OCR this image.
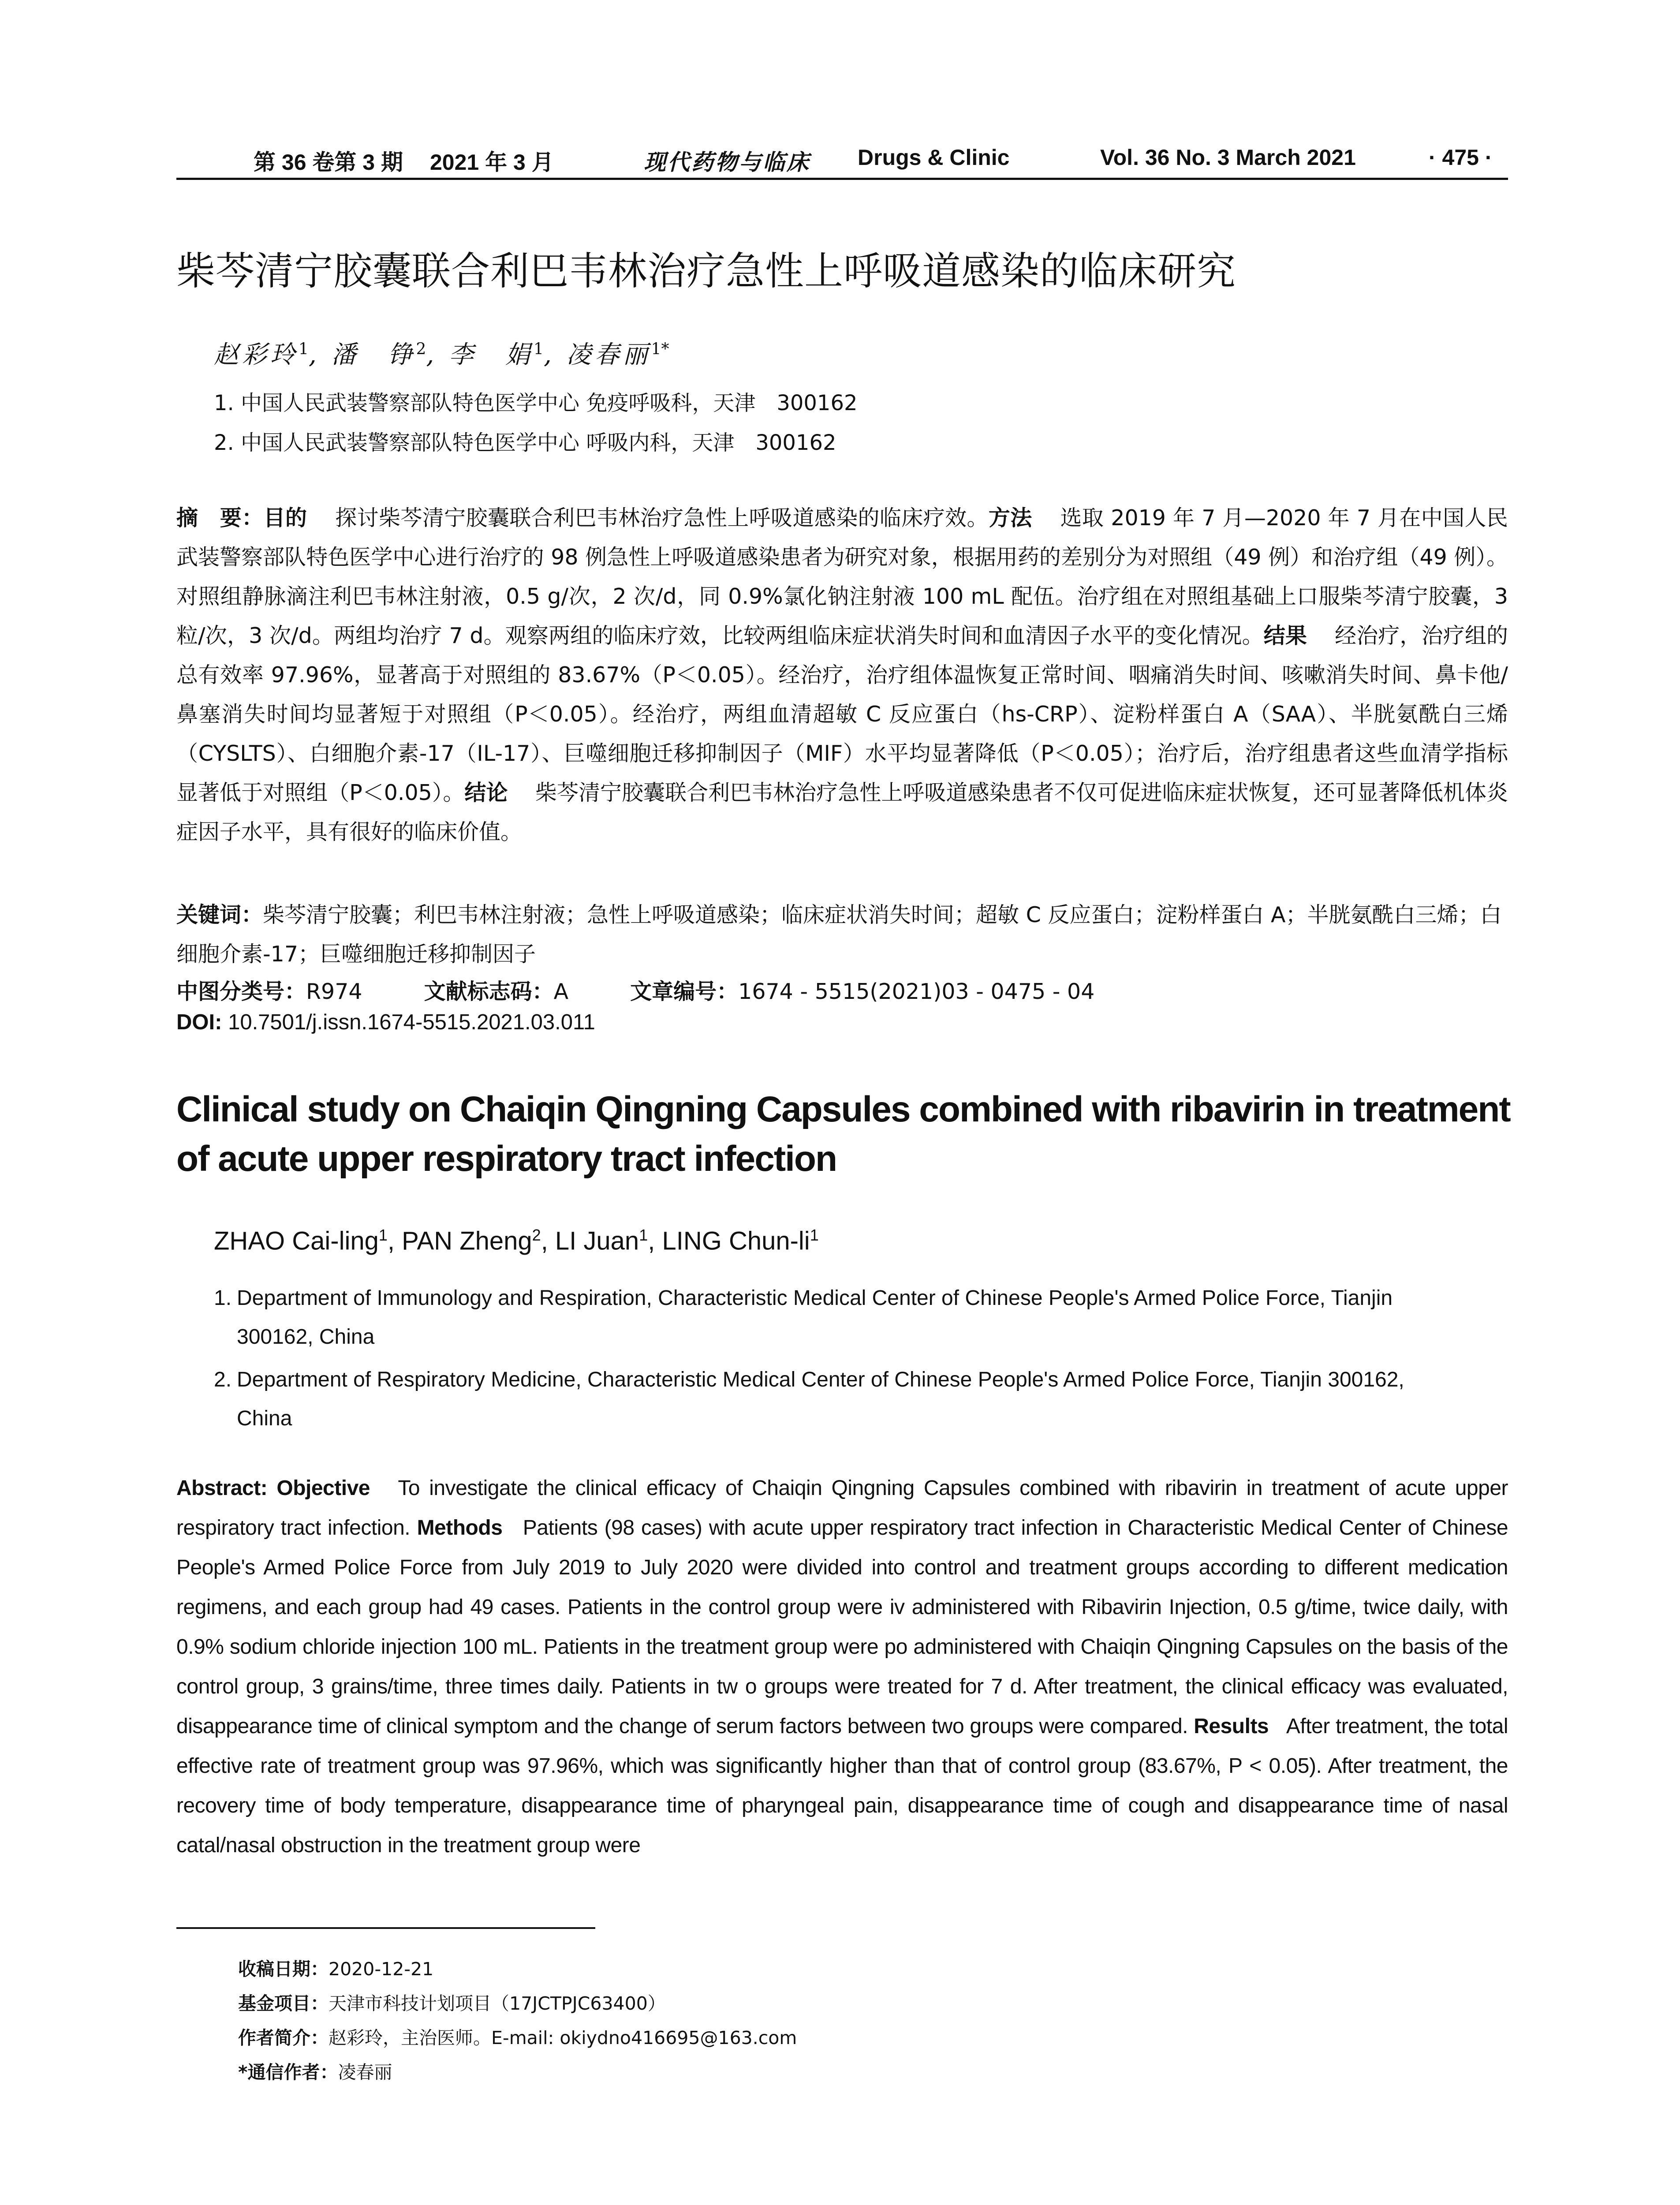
第 36 卷第 3 期 2021 年 3 月	现代药物与临床 Drugs & Clinic	Vol. 36 No. 3 March 2021	· 475 ·
柴芩清宁胶囊联合利巴韦林治疗急性上呼吸道感染的临床研究
赵彩玲$^1$, 潘　铮$^2$, 李　娟$^1$, 凌春丽$^{1*}$
1. 中国人民武装警察部队特色医学中心 免疫呼吸科，天津　300162
2. 中国人民武装警察部队特色医学中心 呼吸内科，天津　300162
摘　要：目的 探讨柴芩清宁胶囊联合利巴韦林治疗急性上呼吸道感染的临床疗效。方法 选取 2019 年 7 月—2020 年 7 月在中国人民武装警察部队特色医学中心进行治疗的 98 例急性上呼吸道感染患者为研究对象，根据用药的差别分为对照组（49 例）和治疗组（49 例）。对照组静脉滴注利巴韦林注射液，0.5 g/次，2 次/d，同 0.9%氯化钠注射液 100 mL 配伍。治疗组在对照组基础上口服柴芩清宁胶囊，3 粒/次，3 次/d。两组均治疗 7 d。观察两组的临床疗效，比较两组临床症状消失时间和血清因子水平的变化情况。结果 经治疗，治疗组的总有效率 97.96%，显著高于对照组的 83.67%（P＜0.05）。经治疗，治疗组体温恢复正常时间、咽痛消失时间、咳嗽消失时间、鼻卡他/鼻塞消失时间均显著短于对照组（P＜0.05）。经治疗，两组血清超敏 C 反应蛋白（hs-CRP）、淀粉样蛋白 A（SAA）、半胱氨酰白三烯（CYSLTS）、白细胞介素-17（IL-17）、巨噬细胞迁移抑制因子（MIF）水平均显著降低（P＜0.05）；治疗后，治疗组患者这些血清学指标显著低于对照组（P＜0.05）。结论 柴芩清宁胶囊联合利巴韦林治疗急性上呼吸道感染患者不仅可促进临床症状恢复，还可显著降低机体炎症因子水平，具有很好的临床价值。
关键词：柴芩清宁胶囊；利巴韦林注射液；急性上呼吸道感染；临床症状消失时间；超敏 C 反应蛋白；淀粉样蛋白 A；半胱氨酰白三烯；白细胞介素-17；巨噬细胞迁移抑制因子
中图分类号：R974	文献标志码：A	文章编号：1674 - 5515(2021)03 - 0475 - 04
DOI: 10.7501/j.issn.1674-5515.2021.03.011
Clinical study on Chaiqin Qingning Capsules combined with ribavirin in treatment of acute upper respiratory tract infection
ZHAO Cai-ling$^1$, PAN Zheng$^2$, LI Juan$^1$, LING Chun-$li^1$
1. Department of Immunology and Respiration, Characteristic Medical Center of Chinese People's Armed Police Force, Tianjin
300162, China
2. Department of Respiratory Medicine, Characteristic Medical Center of Chinese People's Armed Police Force, Tianjin 300162,
China
Abstract: Objective To investigate the clinical efficacy of Chaiqin Qingning Capsules combined with ribavirin in treatment of acute upper respiratory tract infection. Methods Patients (98 cases) with acute upper respiratory tract infection in Characteristic Medical Center of Chinese People's Armed Police Force from July 2019 to July 2020 were divided into control and treatment groups according to different medication regimens, and each group had 49 cases. Patients in the control group were iv administered with Ribavirin Injection, 0.5 g/time, twice daily, with 0.9% sodium chloride injection 100 mL. Patients in the treatment group were po administered with Chaiqin Qingning Capsules on the basis of the control group, 3 grains/time, three times daily. Patients in tw o groups were treated for 7 d. After treatment, the clinical efficacy was evaluated, disappearance time of clinical symptom and the change of serum factors between two groups were compared. Results After treatment, the total effective rate of treatment group was 97.96%, which was significantly higher than that of control group (83.67%, P < 0.05). After treatment, the recovery time of body temperature, disappearance time of pharyngeal pain, disappearance time of cough and disappearance time of nasal catal/nasal obstruction in the treatment group were
收稿日期：2020-12-21
基金项目：天津市科技计划项目（17JCTPJC63400）
作者简介：赵彩玲，主治医师。E-mail: okiydno416695@163.com
*通信作者：凌春丽
